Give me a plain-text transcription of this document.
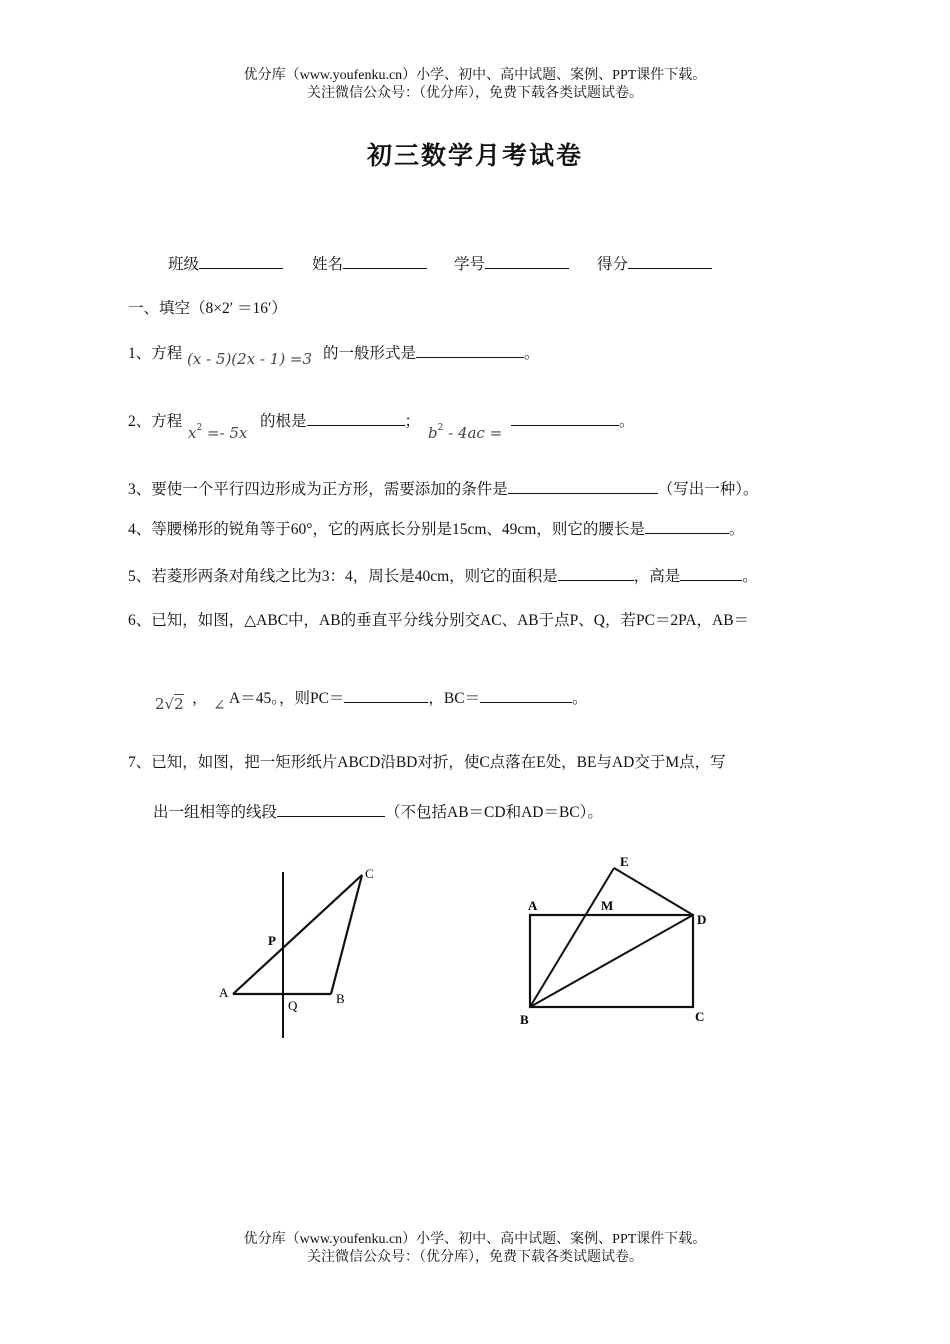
优分库（www.youfenku.cn）小学、初中、高中试题、案例、PPT课件下载。
关注微信公众号：（优分库），免费下载各类试题试卷。
初三数学月考试卷
班级	姓名	学号	得分
一、填空（8×2′ ＝16′）
1、方程 (x - 5)(2x - 1) =3 的一般形式是	。
2、方程
$x^2 =- 5x$
的根是	；
$b^2 - 4ac$ =
。
3、要使一个平行四边形成为正方形，需要添加的条件是	（写出一种）。
4、等腰梯形的锐角等于60°，它的两底长分别是15cm、49cm，则它的腰长是	。
5、若菱形两条对角线之比为3：4，周长是40cm，则它的面积是	，高是	。
6、已知，如图，△ABC中，AB的垂直平分线分别交AC、AB于点P、Q，若PC＝2PA，AB＝
2√2 ， ∠ A＝45。，则PC＝	，BC＝	。
7、已知，如图，把一矩形纸片ABCD沿BD对折，使C点落在E处，BE与AD交于M点，写
出一组相等的线段	（不包括AB＝CD和AD＝BC）。
A	B
C
P
Q
A
B	C
D
E
M
优分库（www.youfenku.cn）小学、初中、高中试题、案例、PPT课件下载。
关注微信公众号：（优分库），免费下载各类试题试卷。
